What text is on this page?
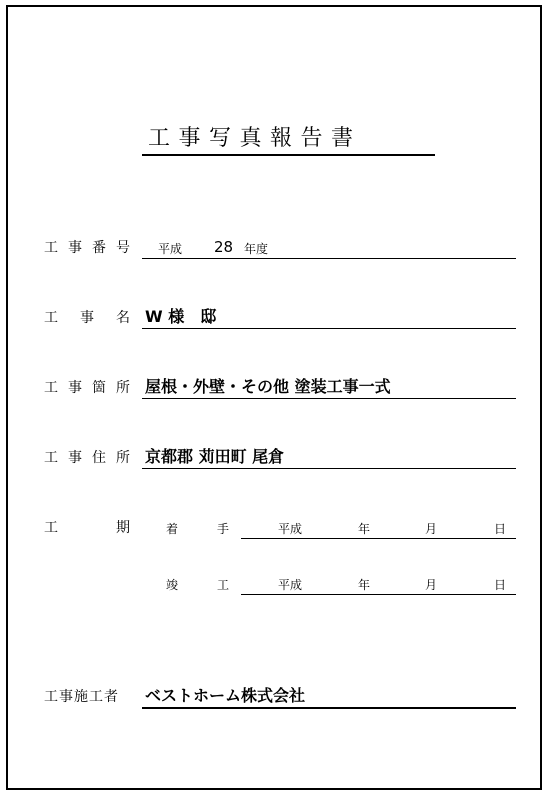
工事写真報告書
工 事 番 号 平成 28 年度
工 事 名 W 様　邸
工 事 箇 所 屋根・外壁・その他 塗装工事一式
工 事 住 所 京都郡 苅田町 尾倉
工	期	着	手	平成	年	月	日
竣	工	平成	年	月	日
工事施工者	ベストホーム株式会社
